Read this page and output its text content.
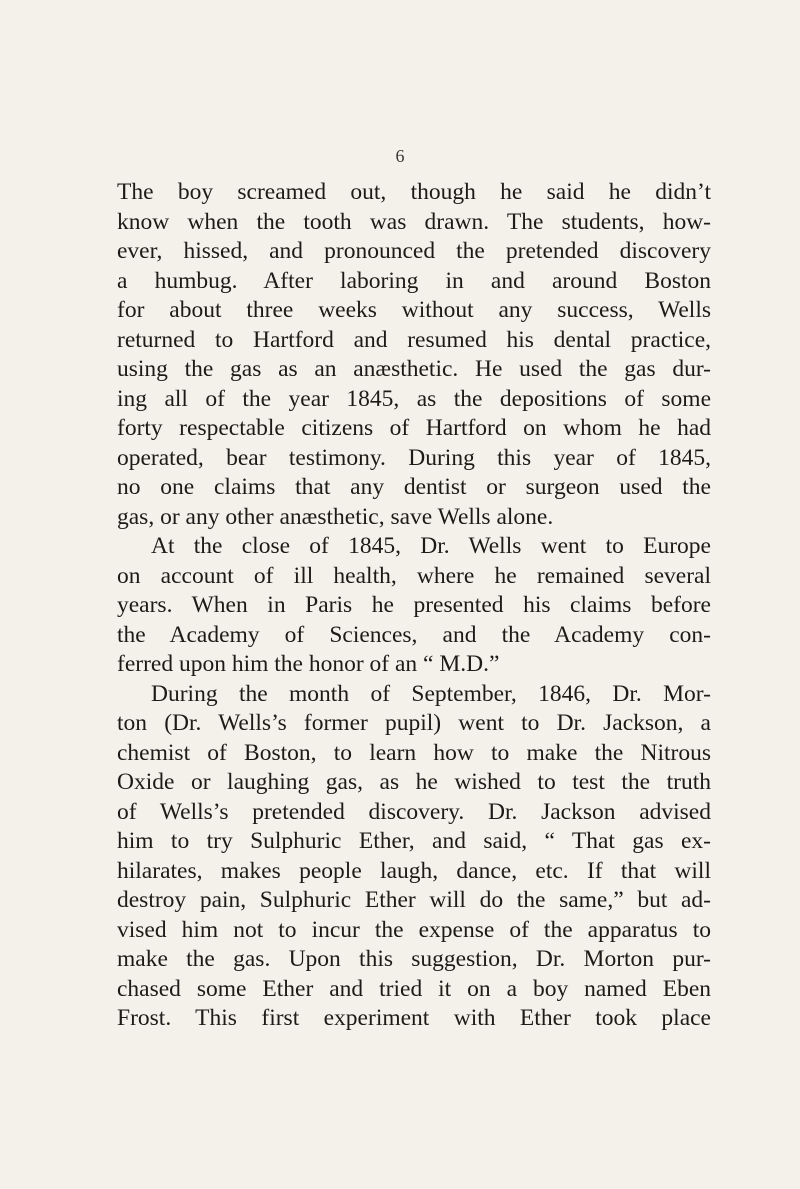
6
The boy screamed out, though he said he didn’t
know when the tooth was drawn. The students, how-
ever, hissed, and pronounced the pretended discovery
a humbug. After laboring in and around Boston
for about three weeks without any success, Wells
returned to Hartford and resumed his dental practice,
using the gas as an anæsthetic. He used the gas dur-
ing all of the year 1845, as the depositions of some
forty respectable citizens of Hartford on whom he had
operated, bear testimony. During this year of 1845,
no one claims that any dentist or surgeon used the
gas, or any other anæsthetic, save Wells alone.
At the close of 1845, Dr. Wells went to Europe
on account of ill health, where he remained several
years. When in Paris he presented his claims before
the Academy of Sciences, and the Academy con-
ferred upon him the honor of an “ M.D.”
During the month of September, 1846, Dr. Mor-
ton (Dr. Wells’s former pupil) went to Dr. Jackson, a
chemist of Boston, to learn how to make the Nitrous
Oxide or laughing gas, as he wished to test the truth
of Wells’s pretended discovery. Dr. Jackson advised
him to try Sulphuric Ether, and said, “ That gas ex-
hilarates, makes people laugh, dance, etc. If that will
destroy pain, Sulphuric Ether will do the same,” but ad-
vised him not to incur the expense of the apparatus to
make the gas. Upon this suggestion, Dr. Morton pur-
chased some Ether and tried it on a boy named Eben
Frost. This first experiment with Ether took place
